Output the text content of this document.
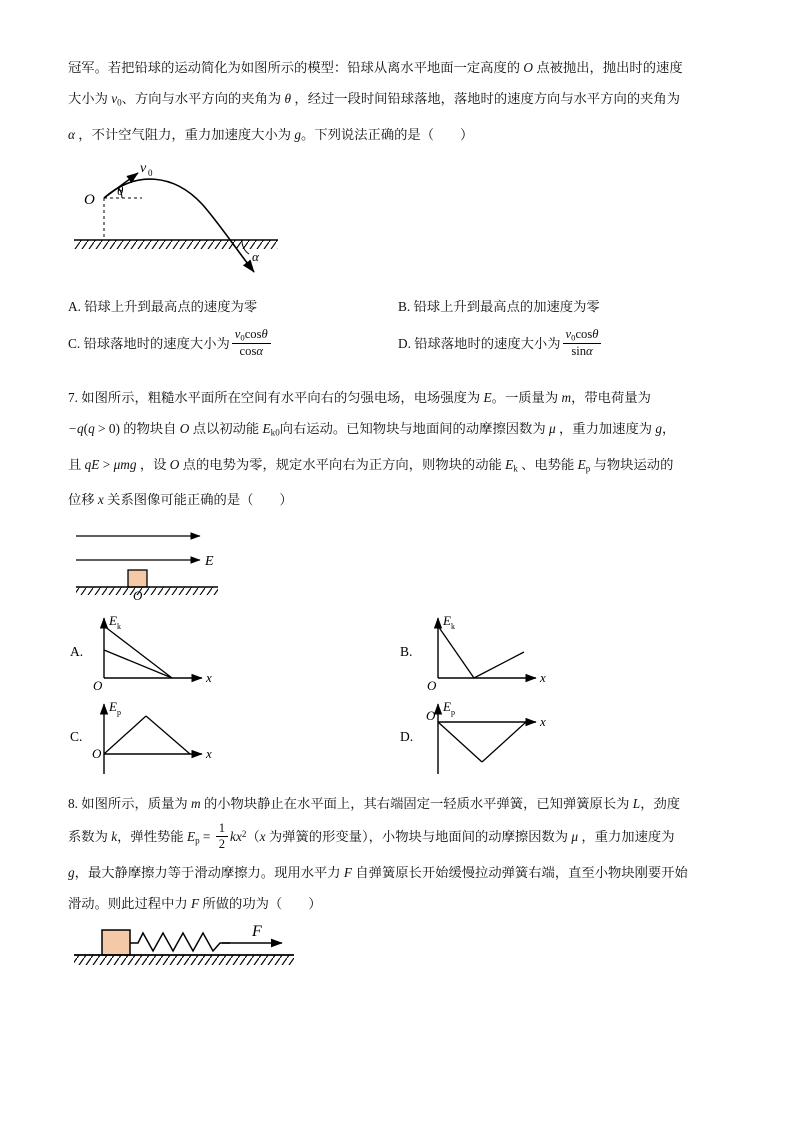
冠军。若把铅球的运动简化为如图所示的模型：铅球从离水平地面一定高度的 O 点被抛出，抛出时的速度
大小为 $v_0$、方向与水平方向的夹角为 θ ，经过一段时间铅球落地，落地时的速度方向与水平方向的夹角为
α ，不计空气阻力，重力加速度大小为 g。下列说法正确的是（ ）
O
v 0
θ
α
A. 铅球上升到最高点的速度为零	B. 铅球上升到最高点的加速度为零
C. 铅球落地时的速度大小为 $\frac{v_0\cos\theta}{\cos\alpha}$	D. 铅球落地时的速度大小为 $\frac{v_0\cos\theta}{\sin\alpha}$
7. 如图所示，粗糙水平面所在空间有水平向右的匀强电场，电场强度为 E。一质量为 m，带电荷量为
−q(q > 0) 的物块自 O 点以初动能 $E_{k0}$向右运动。已知物块与地面间的动摩擦因数为 μ ，重力加速度为 g，
且 qE > μmg ，设 O 点的电势为零，规定水平向右为正方向，则物块的动能 $E_k$ 、电势能 $E_p$ 与物块运动的
位移 x 关系图像可能正确的是（ ）
E
O
A.
E k
x
O
B.
E k
x
O
C.
E p
x
O
D.
E p
x
O
8. 如图所示，质量为 m 的小物块静止在水平面上，其右端固定一轻质水平弹簧，已知弹簧原长为 L，劲度
系数为 k，弹性势能 $E_p = \frac{1}{2} kx^2(x$ 为弹簧的形变量），小物块与地面间的动摩擦因数为 μ ，重力加速度为
g，最大静摩擦力等于滑动摩擦力。现用水平力 F 自弹簧原长开始缓慢拉动弹簧右端，直至小物块刚要开始
滑动。则此过程中力 F 所做的功为（ ）
F
